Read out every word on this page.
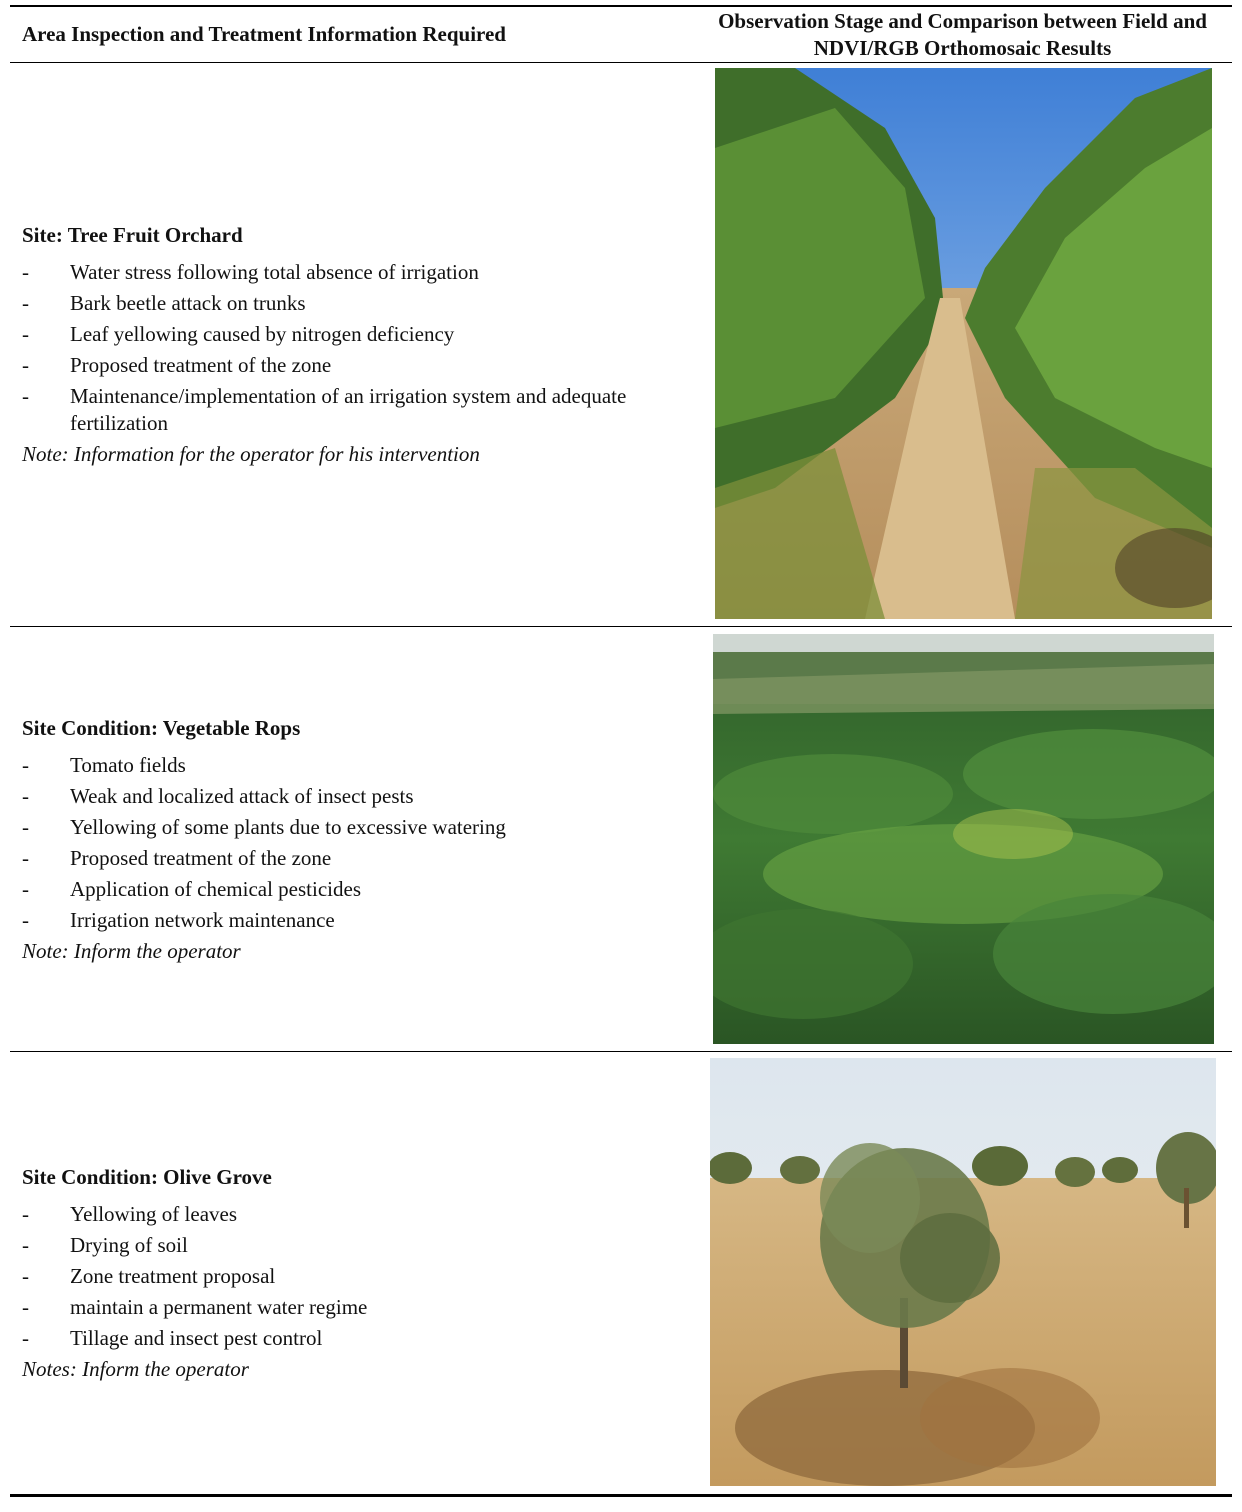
Area Inspection and Treatment Information Required
Observation Stage and Comparison between Field and NDVI/RGB Orthomosaic Results
Site: Tree Fruit Orchard
- Water stress following total absence of irrigation
- Bark beetle attack on trunks
- Leaf yellowing caused by nitrogen deficiency
- Proposed treatment of the zone
- Maintenance/implementation of an irrigation system and adequate fertilization
Note: Information for the operator for his intervention
Site Condition: Vegetable Rops
- Tomato fields
- Weak and localized attack of insect pests
- Yellowing of some plants due to excessive watering
- Proposed treatment of the zone
- Application of chemical pesticides
- Irrigation network maintenance
Note: Inform the operator
Site Condition: Olive Grove
- Yellowing of leaves
- Drying of soil
- Zone treatment proposal
- maintain a permanent water regime
- Tillage and insect pest control
Notes: Inform the operator
